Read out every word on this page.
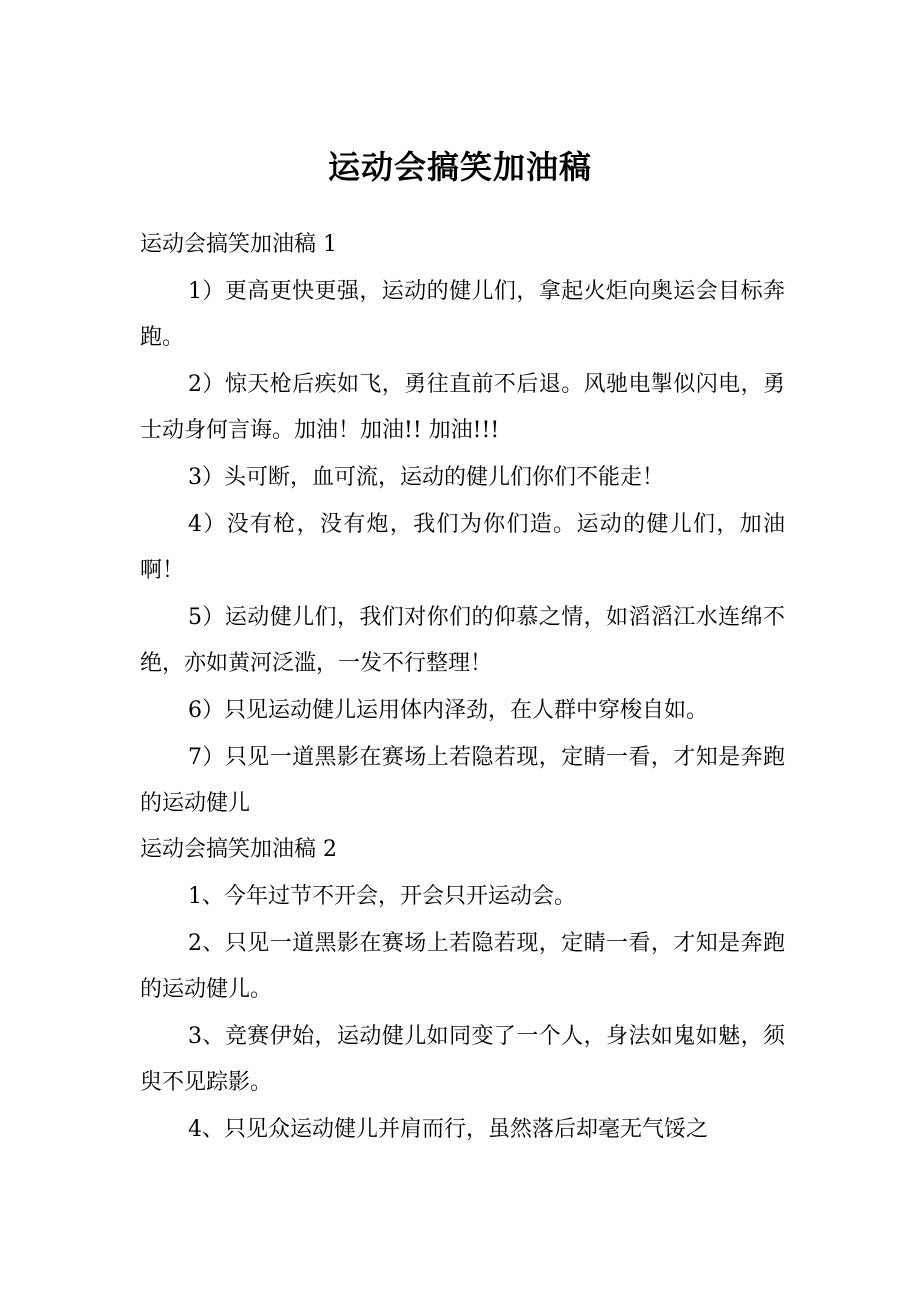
运动会搞笑加油稿

运动会搞笑加油稿 1

1）更高更快更强，运动的健儿们，拿起火炬向奥运会目标奔跑。

2）惊天枪后疾如飞，勇往直前不后退。风驰电掣似闪电，勇士动身何言诲。加油！加油!! 加油!!!

3）头可断，血可流，运动的健儿们你们不能走！

4）没有枪，没有炮，我们为你们造。运动的健儿们，加油啊！

5）运动健儿们，我们对你们的仰慕之情，如滔滔江水连绵不绝，亦如黄河泛滥，一发不行整理！

6）只见运动健儿运用体内泽劲，在人群中穿梭自如。

7）只见一道黑影在赛场上若隐若现，定睛一看，才知是奔跑的运动健儿

运动会搞笑加油稿 2

1、今年过节不开会，开会只开运动会。

2、只见一道黑影在赛场上若隐若现，定睛一看，才知是奔跑的运动健儿。

3、竞赛伊始，运动健儿如同变了一个人，身法如鬼如魅，须臾不见踪影。

4、只见众运动健儿并肩而行，虽然落后却毫无气馁之
